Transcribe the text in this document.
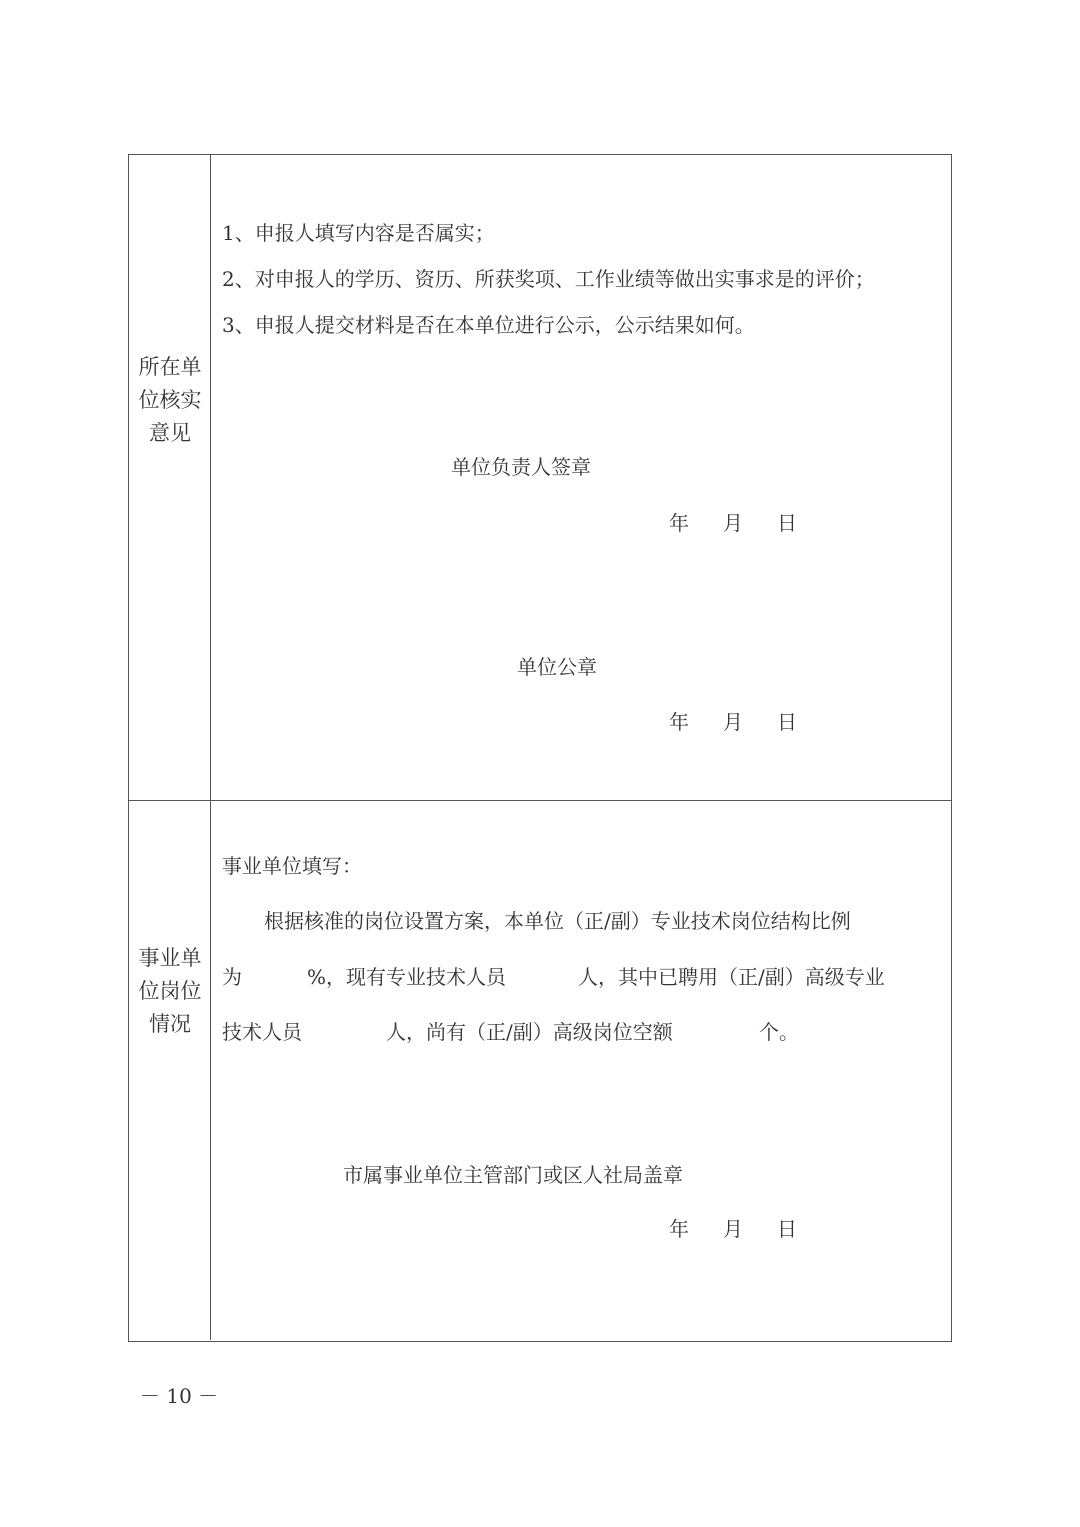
所在单位核实意见
1、申报人填写内容是否属实；
2、对申报人的学历、资历、所获奖项、工作业绩等做出实事求是的评价；
3、申报人提交材料是否在本单位进行公示，公示结果如何。
单位负责人签章
年 月 日
单位公章
年 月 日
事业单位岗位情况
事业单位填写：
根据核准的岗位设置方案，本单位（正/副）专业技术岗位结构比例
为	%，现有专业技术人员	人，其中已聘用（正/副）高级专业
技术人员	人，尚有（正/副）高级岗位空额	个。
市属事业单位主管部门或区人社局盖章
年 月 日
－ 10 －
